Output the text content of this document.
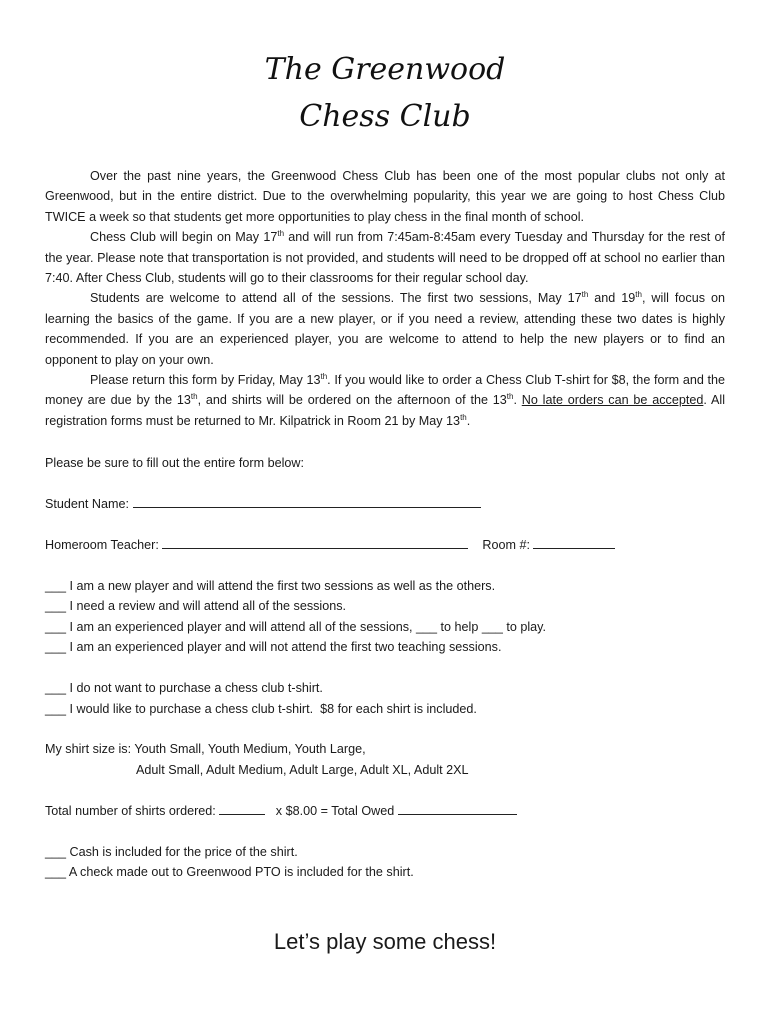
The Greenwood
Chess Club

Over the past nine years, the Greenwood Chess Club has been one of the most popular clubs not only at Greenwood, but in the entire district. Due to the overwhelming popularity, this year we are going to host Chess Club TWICE a week so that students get more opportunities to play chess in the final month of school.

Chess Club will begin on May 17th and will run from 7:45am-8:45am every Tuesday and Thursday for the rest of the year. Please note that transportation is not provided, and students will need to be dropped off at school no earlier than 7:40. After Chess Club, students will go to their classrooms for their regular school day.

Students are welcome to attend all of the sessions. The first two sessions, May 17th and 19th, will focus on learning the basics of the game. If you are a new player, or if you need a review, attending these two dates is highly recommended. If you are an experienced player, you are welcome to attend to help the new players or to find an opponent to play on your own.

Please return this form by Friday, May 13th. If you would like to order a Chess Club T-shirt for $8, the form and the money are due by the 13th, and shirts will be ordered on the afternoon of the 13th. No late orders can be accepted. All registration forms must be returned to Mr. Kilpatrick in Room 21 by May 13th.

Please be sure to fill out the entire form below:
Student Name:
Homeroom Teacher:	Room #:
___ I am a new player and will attend the first two sessions as well as the others.
___ I need a review and will attend all of the sessions.
___ I am an experienced player and will attend all of the sessions, ___ to help ___ to play.
___ I am an experienced player and will not attend the first two teaching sessions.
___ I do not want to purchase a chess club t-shirt.
___ I would like to purchase a chess club t-shirt.  $8 for each shirt is included.
My shirt size is: Youth Small, Youth Medium, Youth Large,
Adult Small, Adult Medium, Adult Large, Adult XL, Adult 2XL
Total number of shirts ordered:	x $8.00 = Total Owed
___ Cash is included for the price of the shirt.
___ A check made out to Greenwood PTO is included for the shirt.
Let’s play some chess!
